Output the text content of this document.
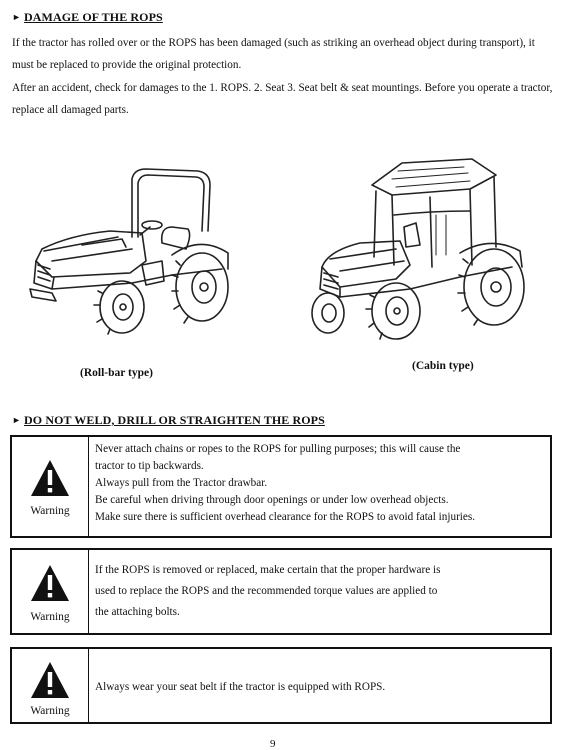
► DAMAGE OF THE ROPS
If the tractor has rolled over or the ROPS has been damaged (such as striking an overhead object during transport), it must be replaced to provide the original protection.
After an accident, check for damages to the 1. ROPS. 2. Seat 3. Seat belt & seat mountings. Before you operate a tractor, replace all damaged parts.
(Roll-bar type)
(Cabin type)
► DO NOT WELD, DRILL OR STRAIGHTEN THE ROPS
Warning
Never attach chains or ropes to the ROPS for pulling purposes; this will cause the
tractor to tip backwards.
Always pull from the Tractor drawbar.
Be careful when driving through door openings or under low overhead objects.
Make sure there is sufficient overhead clearance for the ROPS to avoid fatal injuries.
Warning
If the ROPS is removed or replaced, make certain that the proper hardware is
used to replace the ROPS and the recommended torque values are applied to
the attaching bolts.
Warning
Always wear your seat belt if the tractor is equipped with ROPS.
9
